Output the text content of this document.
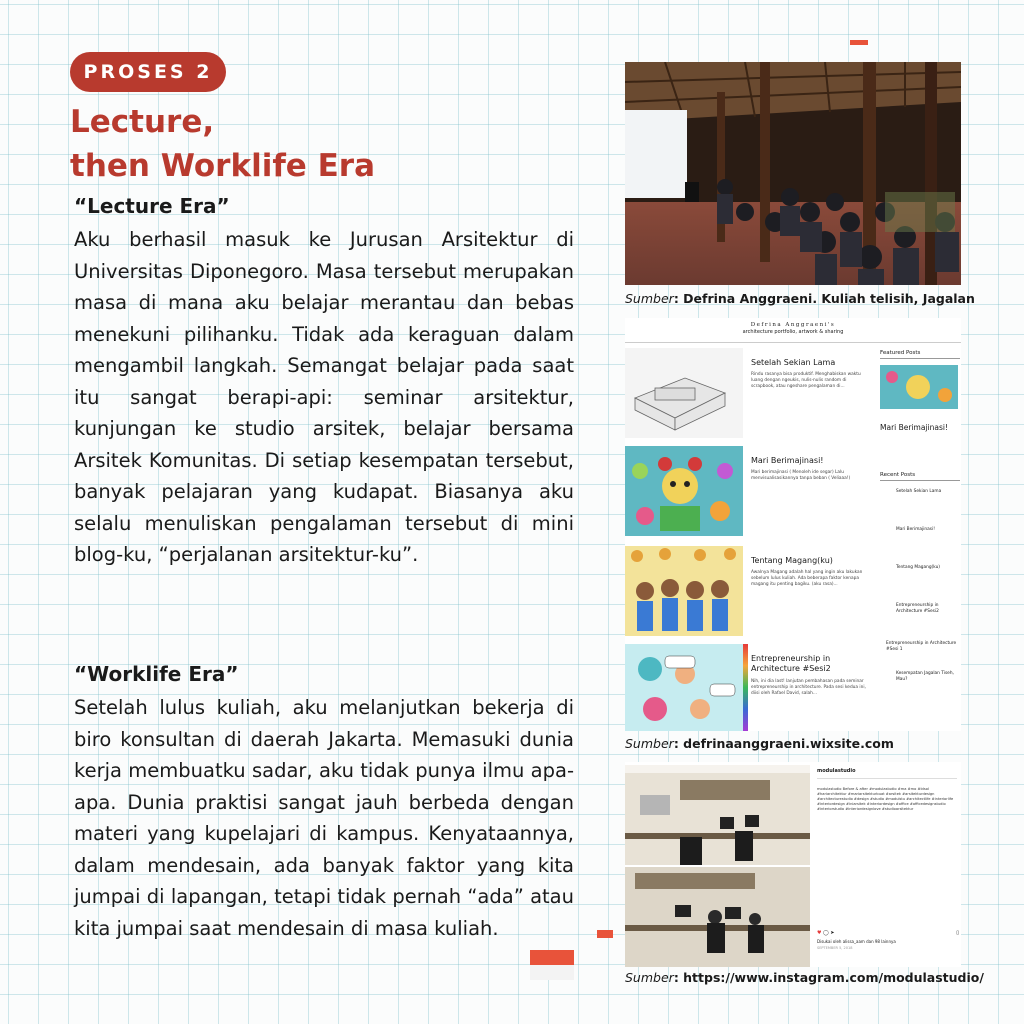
PROSES 2
Lecture,
then Worklife Era
“Lecture Era”
Aku berhasil masuk ke Jurusan Arsitektur di Universitas Diponegoro. Masa tersebut merupakan masa di mana aku belajar merantau dan bebas menekuni pilihanku. Tidak ada keraguan dalam mengambil langkah. Semangat belajar pada saat itu sangat berapi-api: seminar arsitektur, kunjungan ke studio arsitek, belajar bersama Arsitek Komunitas. Di setiap kesempatan tersebut, banyak pelajaran yang kudapat. Biasanya aku selalu menuliskan pengalaman tersebut di mini blog-ku, “perjalanan arsitektur-ku”.
“Worklife Era”
Setelah lulus kuliah, aku melanjutkan bekerja di biro konsultan di daerah Jakarta. Memasuki dunia kerja membuatku sadar, aku tidak punya ilmu apa-apa. Dunia praktisi sangat jauh berbeda dengan materi yang kupelajari di kampus. Kenyataannya, dalam mendesain, ada banyak faktor yang kita jumpai di lapangan, tetapi tidak pernah “ada” atau kita jumpai saat mendesain di masa kuliah.
Sumber: Defrina Anggraeni. Kuliah telisih, Jagalan
Defrina Anggraeni's
architecture portfolio, artwork & sharing
Setelah Sekian Lama
Rindu rasanya bisa produktif. Menghabiskan waktu luang dengan ngeukis, nulis-nulis random di scrapbook, atau ngeshare pengalaman di...
Mari Berimajinasi!
Mari berimajinasi ( Menoleh ide segar) Lalu menvisualisasikannya tanpa beban ( Veliaaa!)
Tentang Magang(ku)
Awalnya Magang adalah hal yang ingin aku lakukan sebelum lulus kuliah. Ada beberapa faktor kenapa magang itu penting bagiku. (aku rasa)...
Entrepreneurship in Architecture #Sesi2
Nih, ini dia last! lanjutan pembahasan pada seminar entrepreneurship in architecture. Pada sesi kedua ini, diisi oleh Rafael David, salah...
Featured Posts
Mari Berimajinasi!
Recent Posts
Setelah Sekian Lama
Mari Berimajinasi!
Tentang Magang(ku)
Entrepreneurship in Architecture #Sesi2
Entrepreneurship in Architecture #Sesi 1
Kesempatan Jagalan Tiseh, Mau?
Sumber: defrinaanggraeni.wixsite.com
modulastudio
modulastudio Before & after #modulastudio #ma #mo #Idsol #hariarchitektur #mariarsitekturbuat #arsitek #arsitekturdesign #architecturestudio #design #studio #modulstu #architectlife #interiorlife #interiordesign #iniarsitek #interiordesign #office #officedesignstudio #interiorstudio #interiordesignlove #studioarsitektur
♥ ◯ ➤	▯
Disukai oleh alissa_aam dan 98 lainnya
SEPTEMBER 5, 2018
Sumber: https://www.instagram.com/modulastudio/
